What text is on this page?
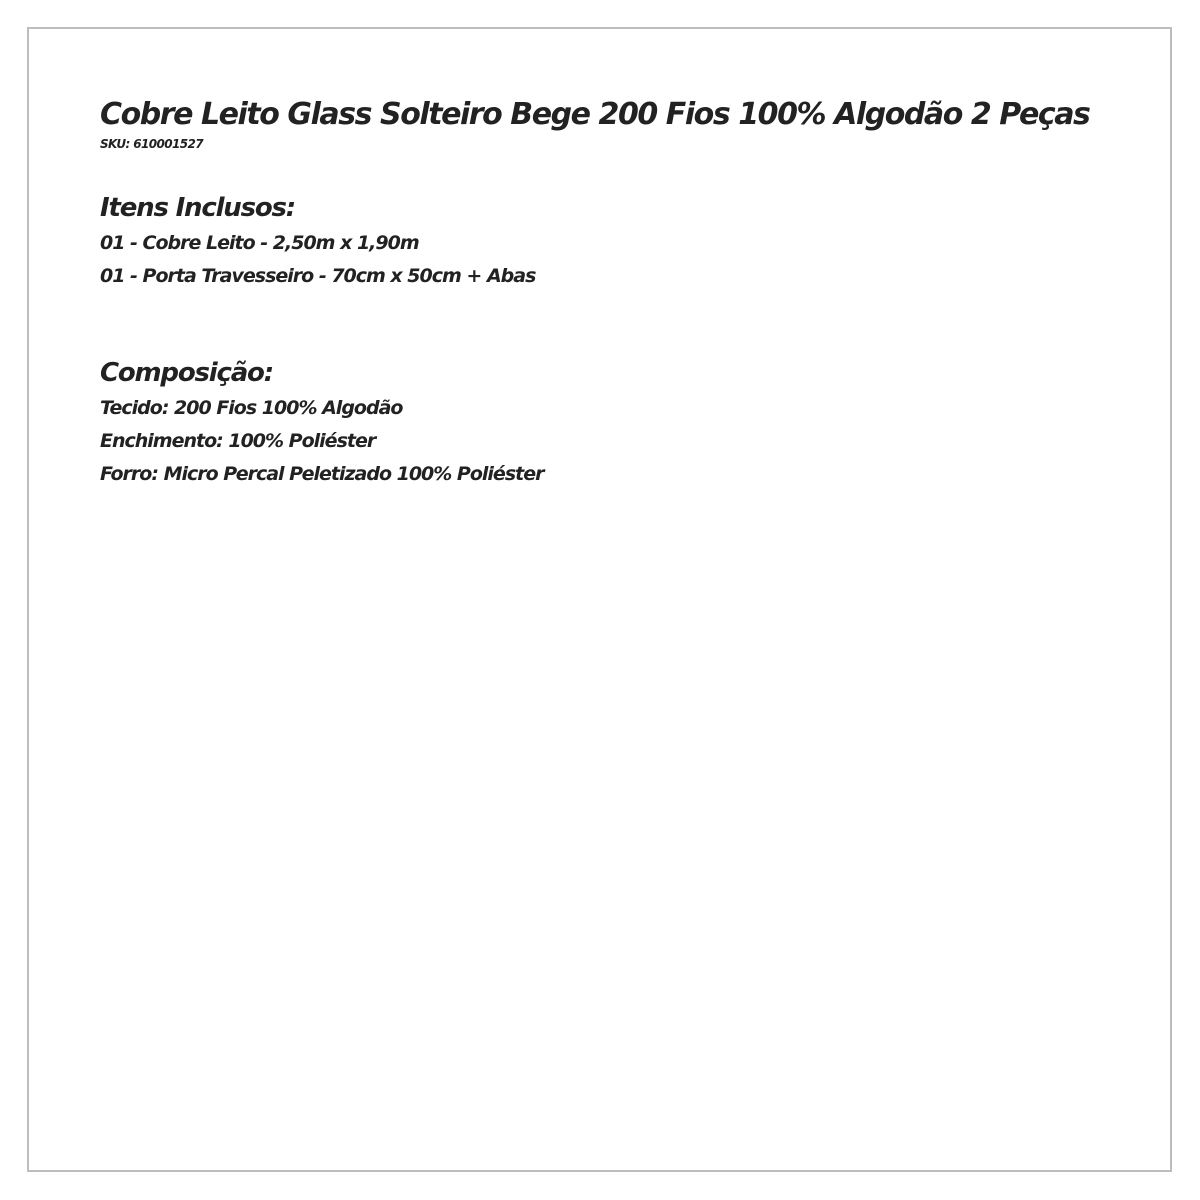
Cobre Leito Glass Solteiro Bege 200 Fios 100% Algodão 2 Peças
SKU: 610001527
Itens Inclusos:
01 - Cobre Leito - 2,50m x 1,90m
01 - Porta Travesseiro - 70cm x 50cm + Abas
Composição:
Tecido: 200 Fios 100% Algodão
Enchimento: 100% Poliéster
Forro: Micro Percal Peletizado 100% Poliéster
